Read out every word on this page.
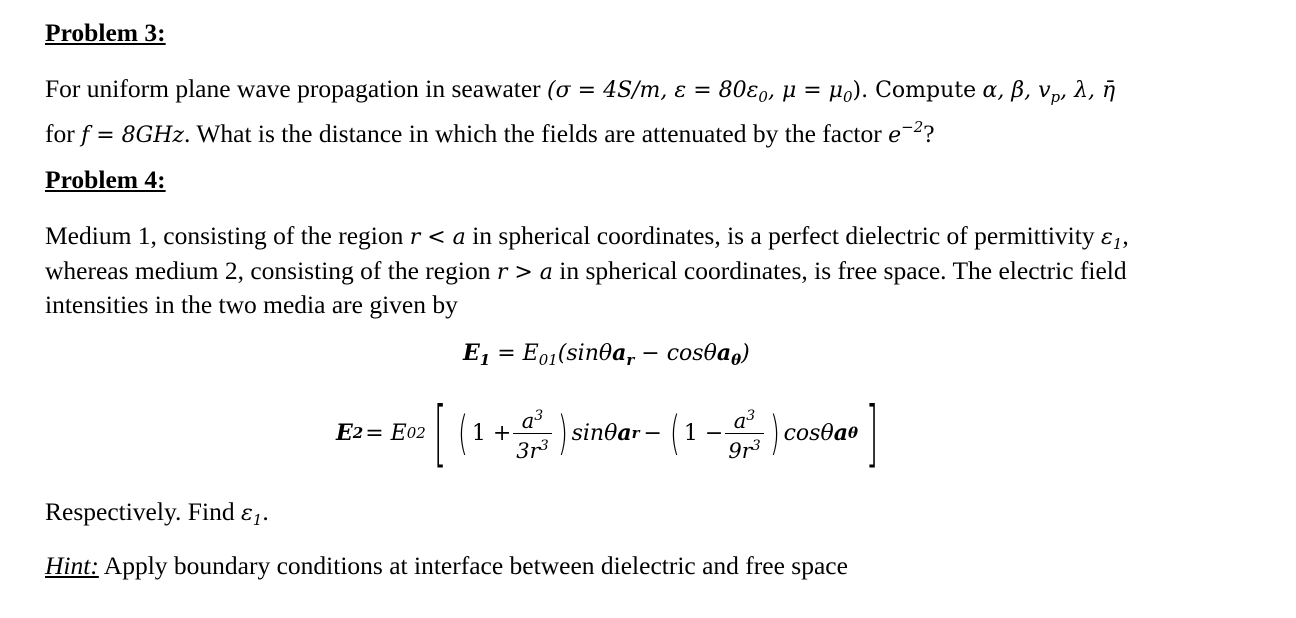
Problem 3:
For uniform plane wave propagation in seawater (σ = 4S/m, $\varepsilon = 80\varepsilon_0$, $\mu = \mu_0$). Compute α, β, $v_p$, λ, η̄
for f = 8GHz. What is the distance in which the fields are attenuated by the factor $e^{-2}$?
Problem 4:
Medium 1, consisting of the region r < a in spherical coordinates, is a perfect dielectric of permittivity $\varepsilon_1$,
whereas medium 2, consisting of the region r > a in spherical coordinates, is free space. The electric field
intensities in the two media are given by
$E_1 = E_{01}(\sin\theta a_r - \cos\theta a_\theta)$
E 2 = E 02 [ ( $1 + \frac{a^3}{3r^3}$ ) sinθ a r − ( $1 - \frac{a^3}{9r^3}$ ) cosθ a θ ]
Respectively. Find $\varepsilon_1$.
Hint: Apply boundary conditions at interface between dielectric and free space
